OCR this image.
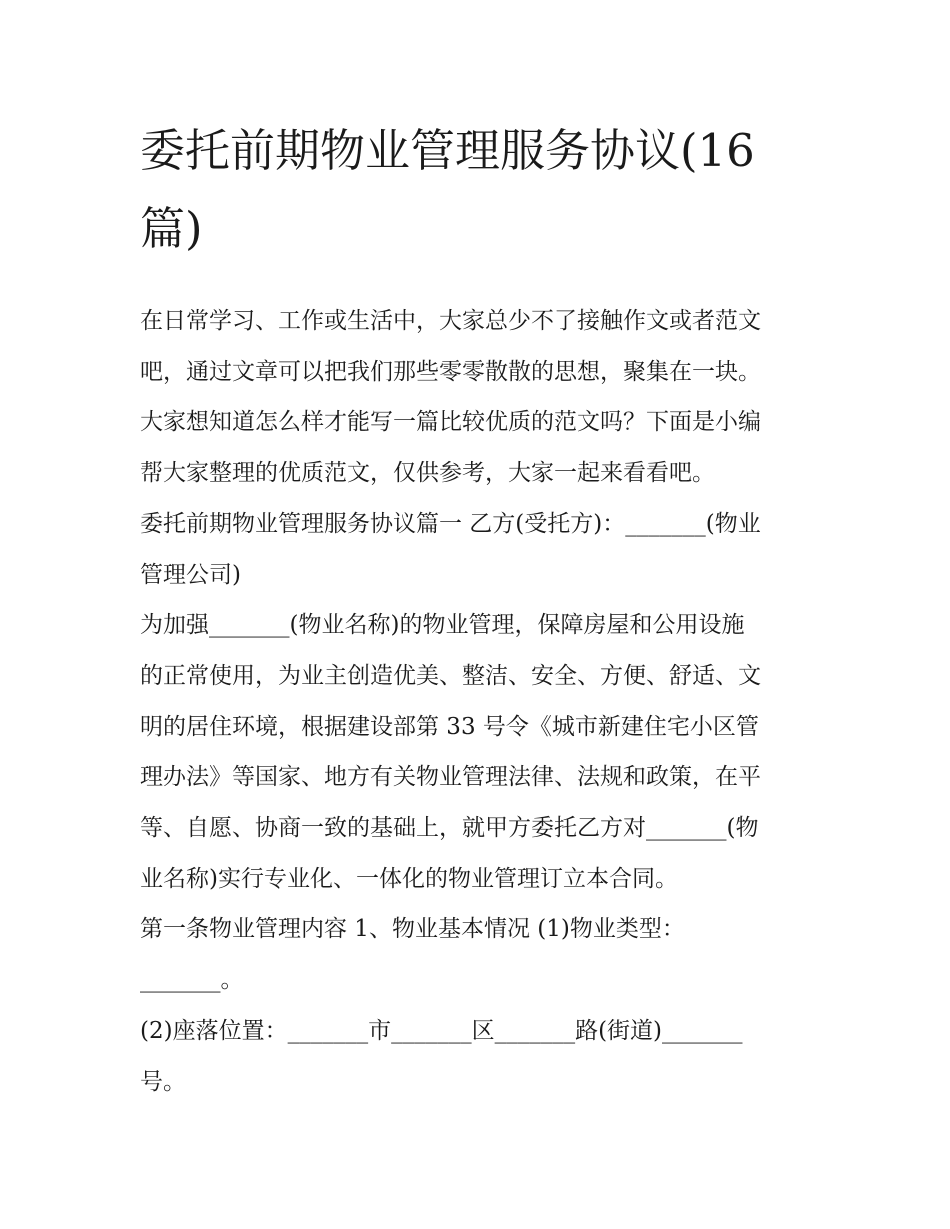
委托前期物业管理服务协议(16
篇)

在日常学习、工作或生活中，大家总少不了接触作文或者范文
吧，通过文章可以把我们那些零零散散的思想，聚集在一块。
大家想知道怎么样才能写一篇比较优质的范文吗？下面是小编
帮大家整理的优质范文，仅供参考，大家一起来看看吧。

委托前期物业管理服务协议篇一 乙方(受托方)：_______(物业
管理公司)

为加强_______(物业名称)的物业管理，保障房屋和公用设施
的正常使用，为业主创造优美、整洁、安全、方便、舒适、文
明的居住环境，根据建设部第 33 号令《城市新建住宅小区管
理办法》等国家、地方有关物业管理法律、法规和政策，在平
等、自愿、协商一致的基础上，就甲方委托乙方对_______(物
业名称)实行专业化、一体化的物业管理订立本合同。

第一条物业管理内容 1、物业基本情况 (1)物业类型：
_______。

(2)座落位置：_______市_______区_______路(街道)_______
号。
